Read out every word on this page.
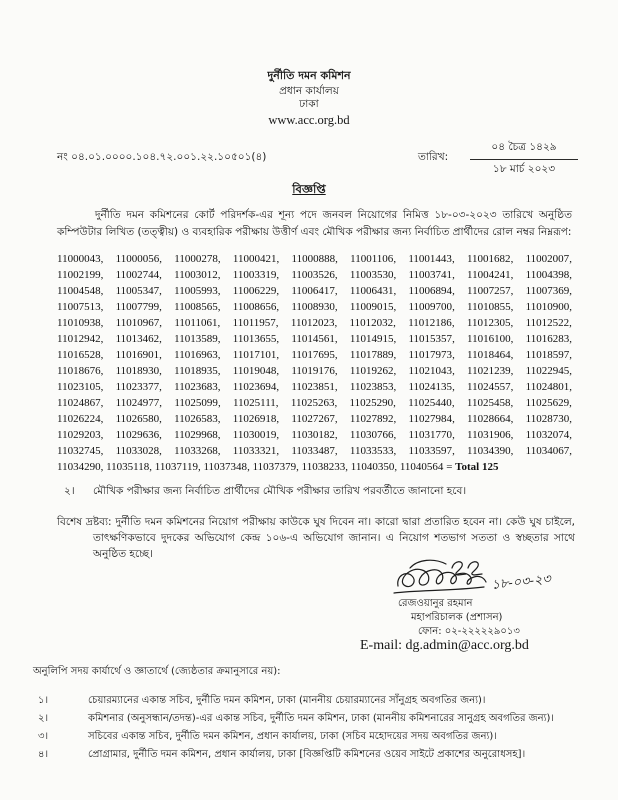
দুর্নীতি দমন কমিশন
প্রধান কার্যালয়
ঢাকা
www.acc.org.bd
নং ০৪.০১.০০০০.১০৪.৭২.০০১.২২.১০৫০১(৪)	তারিখ:
০৪ চৈত্র ১৪২৯
১৮ মার্চ ২০২৩
বিজ্ঞপ্তি

দুর্নীতি দমন কমিশনের কোর্ট পরিদর্শক-এর শূন্য পদে জনবল নিয়োগের নিমিত্ত ১৮-০৩-২০২৩ তারিখে অনুষ্ঠিত কম্পিউটার লিখিত (তত্ত্বীয়) ও ব্যবহারিক পরীক্ষায় উত্তীর্ণ এবং মৌখিক পরীক্ষার জন্য নির্বাচিত প্রার্থীদের রোল নম্বর নিম্নরূপ:

11000043 , 11000056 , 11000278 , 11000421 , 11000888 , 11001106 , 11001443 , 11001682 , 11002007 ,
11002199 , 11002744 , 11003012 , 11003319 , 11003526 , 11003530 , 11003741 , 11004241 , 11004398 ,
11004548 , 11005347 , 11005993 , 11006229 , 11006417 , 11006431 , 11006894 , 11007257 , 11007369 ,
11007513 , 11007799 , 11008565 , 11008656 , 11008930 , 11009015 , 11009700 , 11010855 , 11010900 ,
11010938 , 11010967 , 11011061 , 11011957 , 11012023 , 11012032 , 11012186 , 11012305 , 11012522 ,
11012942 , 11013462 , 11013589 , 11013655 , 11014561 , 11014915 , 11015357 , 11016100 , 11016283 ,
11016528 , 11016901 , 11016963 , 11017101 , 11017695 , 11017889 , 11017973 , 11018464 , 11018597 ,
11018676 , 11018930 , 11018935 , 11019048 , 11019176 , 11019262 , 11021043 , 11021239 , 11022945 ,
11023105 , 11023377 , 11023683 , 11023694 , 11023851 , 11023853 , 11024135 , 11024557 , 11024801 ,
11024867 , 11024977 , 11025099 , 11025111 , 11025263 , 11025290 , 11025440 , 11025458 , 11025629 ,
11026224 , 11026580 , 11026583 , 11026918 , 11027267 , 11027892 , 11027984 , 11028664 , 11028730 ,
11029203 , 11029636 , 11029968 , 11030019 , 11030182 , 11030766 , 11031770 , 11031906 , 11032074 ,
11032745 , 11033028 , 11033268 , 11033321 , 11033487 , 11033533 , 11033597 , 11034390 , 11034067 ,
11034290 , 11035118 , 11037119 , 11037348 , 11037379 , 11038233 , 11040350 , 11040564 = Total 125
২। মৌখিক পরীক্ষার জন্য নির্বাচিত প্রার্থীদের মৌখিক পরীক্ষার তারিখ পরবর্তীতে জানানো হবে।

বিশেষ দ্রষ্টব্য: দুর্নীতি দমন কমিশনের নিয়োগ পরীক্ষায় কাউকে ঘুষ দিবেন না। কারো দ্বারা প্রতারিত হবেন না। কেউ ঘুষ চাইলে, তাৎক্ষণিকভাবে দুদকের অভিযোগ কেন্দ্র ১০৬-এ অভিযোগ জানান। এ নিয়োগ শতভাগ সততা ও স্বচ্ছতার সাথে অনুষ্ঠিত হচ্ছে।

১৮-০৩-২৩
রেজওয়ানুর রহমান
মহাপরিচালক (প্রশাসন)
ফোন: ০২-২২২২২৯০১৩
E-mail: dg.admin@acc.org.bd
অনুলিপি সদয় কার্যার্থে ও জ্ঞাতার্থে (জ্যেষ্ঠতার ক্রমানুসারে নয়):
১।	চেয়ারম্যানের একান্ত সচিব, দুর্নীতি দমন কমিশন, ঢাকা (মাননীয় চেয়ারম্যানের সাঁনুগ্রহ অবগতির জন্য)।
২।	কমিশনার (অনুসন্ধান/তদন্ত)-এর একান্ত সচিব, দুর্নীতি দমন কমিশন, ঢাকা (মাননীয় কমিশনারের সানুগ্রহ অবগতির জন্য)।
৩।	সচিবের একান্ত সচিব, দুর্নীতি দমন কমিশন, প্রধান কার্যালয়, ঢাকা (সচিব মহোদয়ের সদয় অবগতির জন্য)।
৪।	প্রোগ্রামার, দুর্নীতি দমন কমিশন, প্রধান কার্যালয়, ঢাকা [বিজ্ঞপ্তিটি কমিশনের ওয়েব সাইটে প্রকাশের অনুরোধসহ]।
